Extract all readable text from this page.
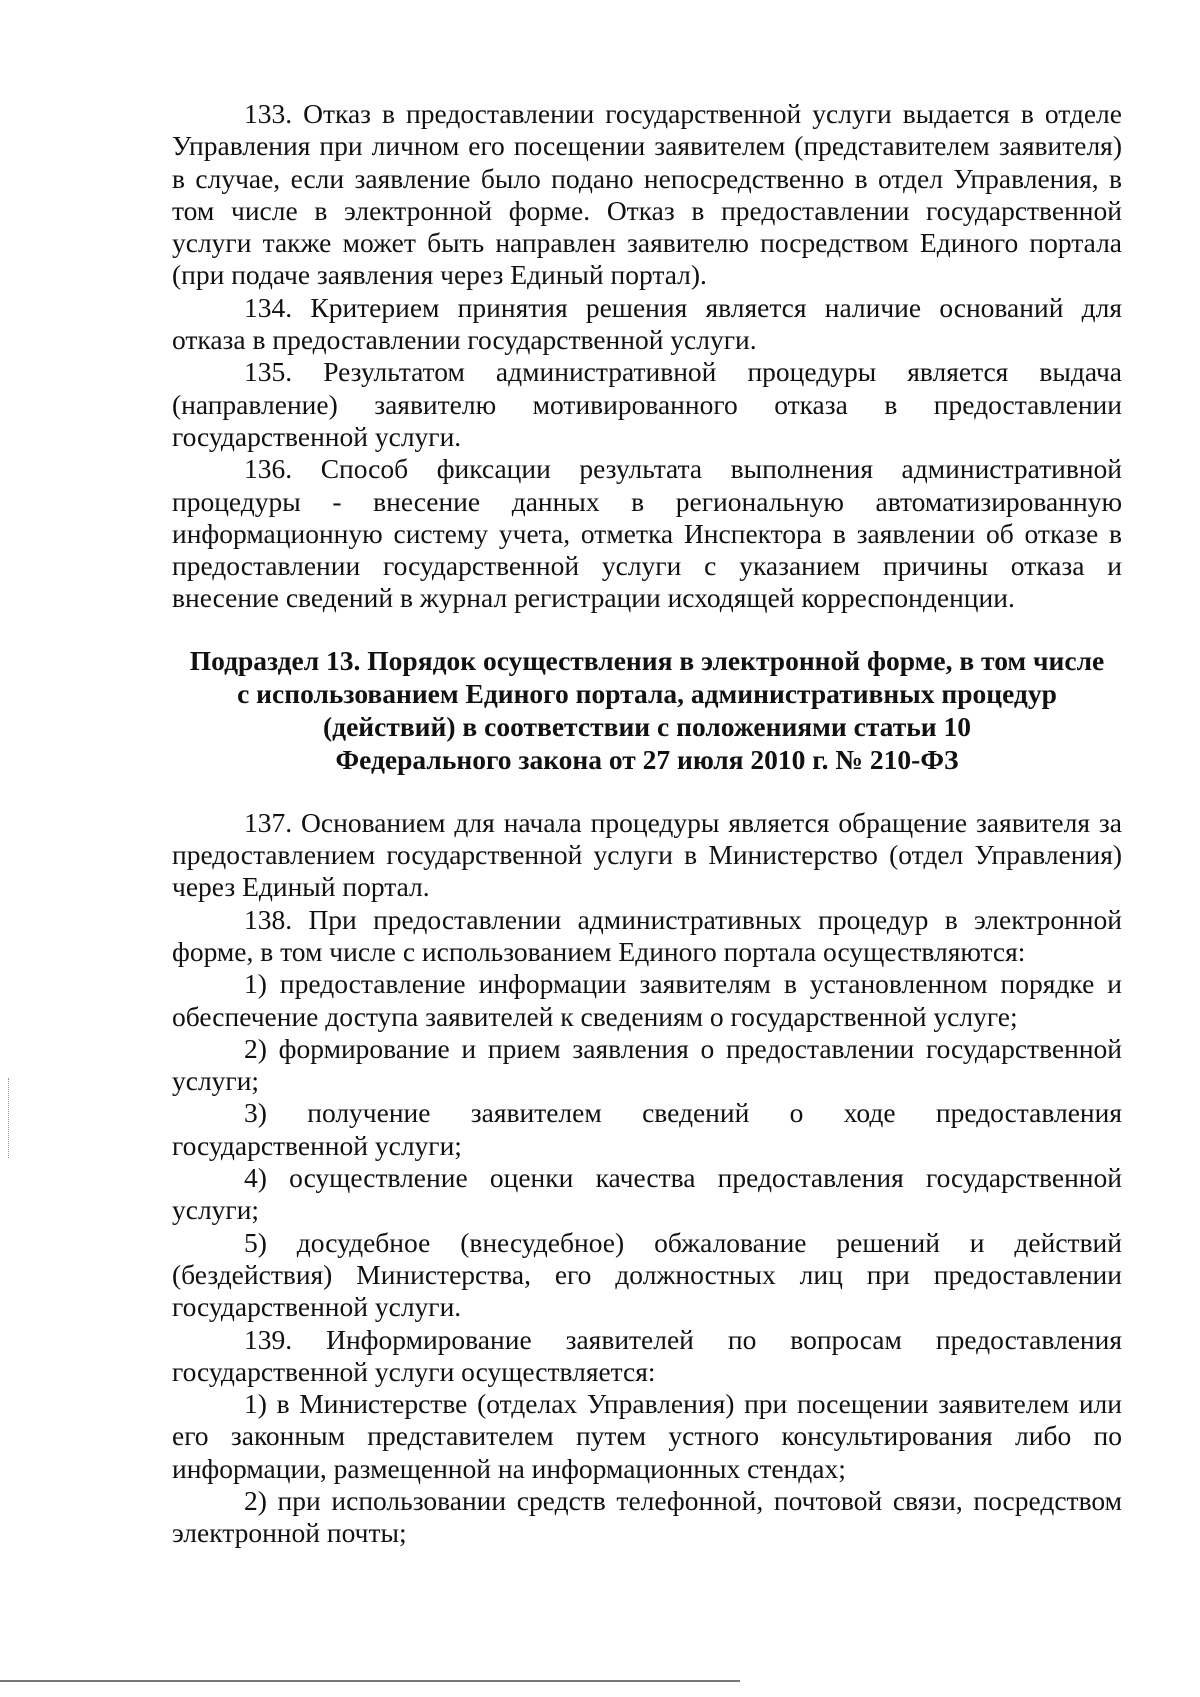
133. Отказ в предоставлении государственной услуги выдается в отделе Управления при личном его посещении заявителем (представителем заявителя) в случае, если заявление было подано непосредственно в отдел Управления, в том числе в электронной форме. Отказ в предоставлении государственной услуги также может быть направлен заявителю посредством Единого портала (при подаче заявления через Единый портал).

134. Критерием принятия решения является наличие оснований для отказа в предоставлении государственной услуги.

135. Результатом административной процедуры является выдача (направление) заявителю мотивированного отказа в предоставлении государственной услуги.

136. Способ фиксации результата выполнения административной процедуры - внесение данных в региональную автоматизированную информационную систему учета, отметка Инспектора в заявлении об отказе в предоставлении государственной услуги с указанием причины отказа и внесение сведений в журнал регистрации исходящей корреспонденции.

Подраздел 13. Порядок осуществления в электронной форме, в том числе
с использованием Единого портала, административных процедур
(действий) в соответствии с положениями статьи 10
Федерального закона от 27 июля 2010 г. № 210-ФЗ

137. Основанием для начала процедуры является обращение заявителя за предоставлением государственной услуги в Министерство (отдел Управления) через Единый портал.

138. При предоставлении административных процедур в электронной форме, в том числе с использованием Единого портала осуществляются:

1) предоставление информации заявителям в установленном порядке и обеспечение доступа заявителей к сведениям о государственной услуге;

2) формирование и прием заявления о предоставлении государственной услуги;

3) получение заявителем сведений о ходе предоставления государственной услуги;

4) осуществление оценки качества предоставления государственной услуги;

5) досудебное (внесудебное) обжалование решений и действий (бездействия) Министерства, его должностных лиц при предоставлении государственной услуги.

139. Информирование заявителей по вопросам предоставления государственной услуги осуществляется:

1) в Министерстве (отделах Управления) при посещении заявителем или его законным представителем путем устного консультирования либо по информации, размещенной на информационных стендах;

2) при использовании средств телефонной, почтовой связи, посредством электронной почты;
